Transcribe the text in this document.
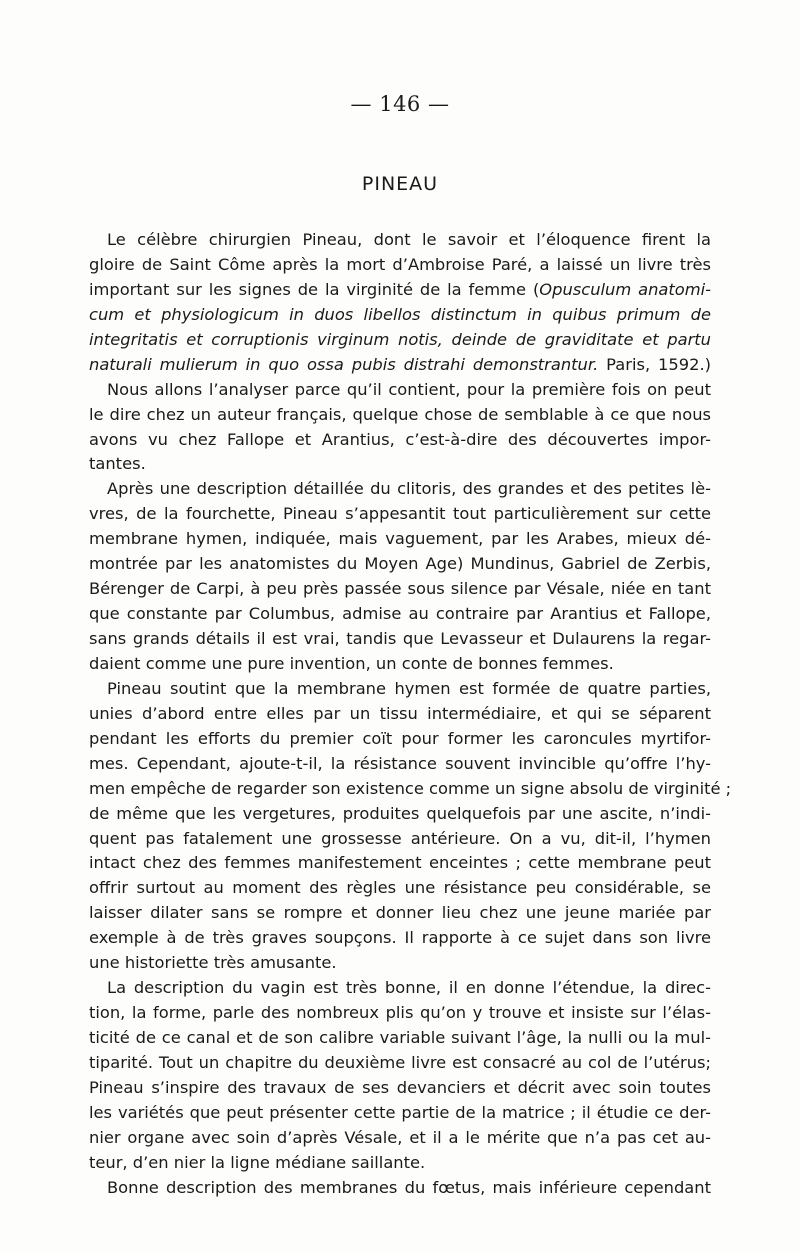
— 146 —
PINEAU
Le célèbre chirurgien Pineau, dont le savoir et l’éloquence firent la
gloire de Saint Côme après la mort d’Ambroise Paré, a laissé un livre très
important sur les signes de la virginité de la femme (Opusculum anatomi-
cum et physiologicum in duos libellos distinctum in quibus primum de
integritatis et corruptionis virginum notis, deinde de graviditate et partu
naturali mulierum in quo ossa pubis distrahi demonstrantur. Paris, 1592.)
Nous allons l’analyser parce qu’il contient, pour la première fois on peut
le dire chez un auteur français, quelque chose de semblable à ce que nous
avons vu chez Fallope et Arantius, c’est-à-dire des découvertes impor-
tantes.
Après une description détaillée du clitoris, des grandes et des petites lè-
vres, de la fourchette, Pineau s’appesantit tout particulièrement sur cette
membrane hymen, indiquée, mais vaguement, par les Arabes, mieux dé-
montrée par les anatomistes du Moyen Age) Mundinus, Gabriel de Zerbis,
Bérenger de Carpi, à peu près passée sous silence par Vésale, niée en tant
que constante par Columbus, admise au contraire par Arantius et Fallope,
sans grands détails il est vrai, tandis que Levasseur et Dulaurens la regar-
daient comme une pure invention, un conte de bonnes femmes.
Pineau soutint que la membrane hymen est formée de quatre parties,
unies d’abord entre elles par un tissu intermédiaire, et qui se séparent
pendant les efforts du premier coït pour former les caroncules myrtifor-
mes. Cependant, ajoute-t-il, la résistance souvent invincible qu’offre l’hy-
men empêche de regarder son existence comme un signe absolu de virginité ;
de même que les vergetures, produites quelquefois par une ascite, n’indi-
quent pas fatalement une grossesse antérieure. On a vu, dit-il, l’hymen
intact chez des femmes manifestement enceintes ; cette membrane peut
offrir surtout au moment des règles une résistance peu considérable, se
laisser dilater sans se rompre et donner lieu chez une jeune mariée par
exemple à de très graves soupçons. Il rapporte à ce sujet dans son livre
une historiette très amusante.
La description du vagin est très bonne, il en donne l’étendue, la direc-
tion, la forme, parle des nombreux plis qu’on y trouve et insiste sur l’élas-
ticité de ce canal et de son calibre variable suivant l’âge, la nulli ou la mul-
tiparité. Tout un chapitre du deuxième livre est consacré au col de l’utérus;
Pineau s’inspire des travaux de ses devanciers et décrit avec soin toutes
les variétés que peut présenter cette partie de la matrice ; il étudie ce der-
nier organe avec soin d’après Vésale, et il a le mérite que n’a pas cet au-
teur, d’en nier la ligne médiane saillante.
Bonne description des membranes du fœtus, mais inférieure cependant
